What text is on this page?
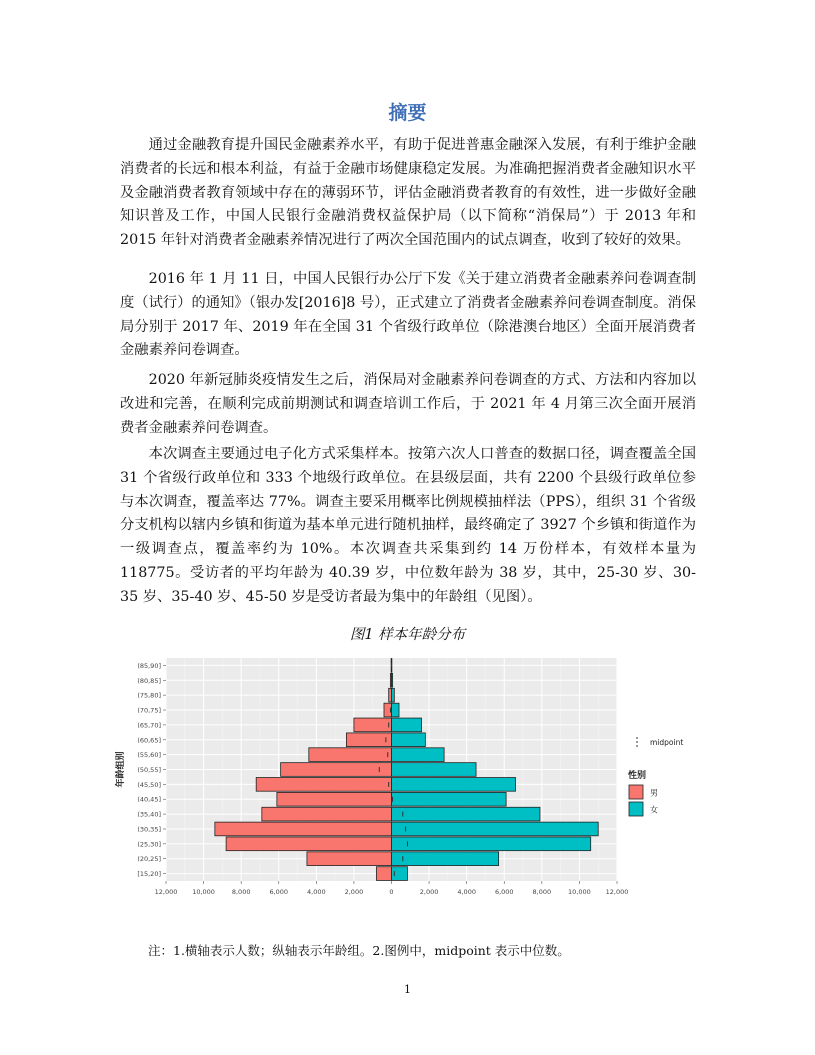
摘要

通过金融教育提升国民金融素养水平，有助于促进普惠金融深入发展，有利于维护金融消费者的长远和根本利益，有益于金融市场健康稳定发展。为准确把握消费者金融知识水平及金融消费者教育领域中存在的薄弱环节，评估金融消费者教育的有效性，进一步做好金融知识普及工作，中国人民银行金融消费权益保护局（以下简称“消保局”）于 2013 年和 2015 年针对消费者金融素养情况进行了两次全国范围内的试点调查，收到了较好的效果。

2016 年 1 月 11 日，中国人民银行办公厅下发《关于建立消费者金融素养问卷调查制度（试行）的通知》（银办发[2016]8 号），正式建立了消费者金融素养问卷调查制度。消保局分别于 2017 年、2019 年在全国 31 个省级行政单位（除港澳台地区）全面开展消费者金融素养问卷调查。

2020 年新冠肺炎疫情发生之后，消保局对金融素养问卷调查的方式、方法和内容加以改进和完善，在顺利完成前期测试和调查培训工作后，于 2021 年 4 月第三次全面开展消费者金融素养问卷调查。

本次调查主要通过电子化方式采集样本。按第六次人口普查的数据口径，调查覆盖全国 31 个省级行政单位和 333 个地级行政单位。在县级层面，共有 2200 个县级行政单位参与本次调查，覆盖率达 77%。调查主要采用概率比例规模抽样法（PPS），组织 31 个省级分支机构以辖内乡镇和街道为基本单元进行随机抽样，最终确定了 3927 个乡镇和街道作为一级调查点，覆盖率约为 10%。本次调查共采集到约 14 万份样本，有效样本量为 118775。受访者的平均年龄为 40.39 岁，中位数年龄为 38 岁，其中，25-30 岁、30-35 岁、35-40 岁、45-50 岁是受访者最为集中的年龄组（见图）。

图1 样本年龄分布

[15,20]
(20,25]
(25,30]
(30,35]
(35,40]
(40,45]
(45,50]
(50,55]
(55,60]
(60,65]
(65,70]
(70,75]
(75,80]
(80,85]
(85,90]
12,000 10,000	8,000	6,000	4,000	2,000	0	2,000	4,000	6,000	8,000	10,000 12,000
年龄组别
midpoint
性别
男
女

注：1.横轴表示人数；纵轴表示年龄组。2.图例中，midpoint 表示中位数。

1
